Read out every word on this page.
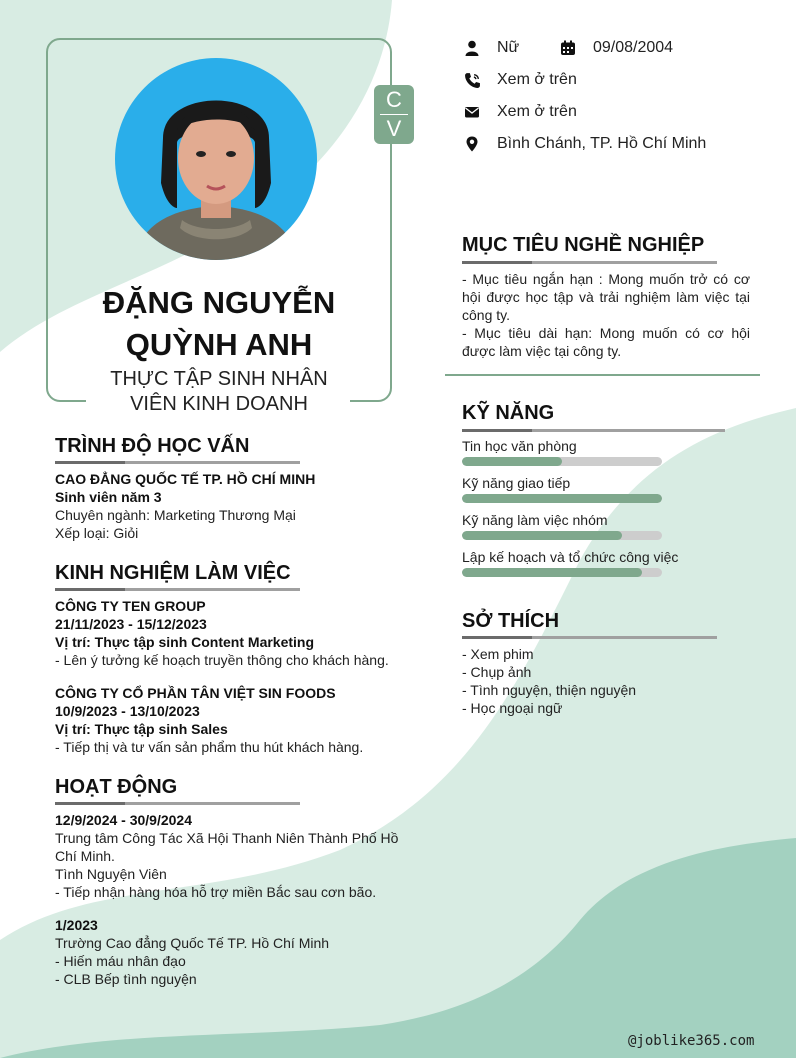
C
V
ĐẶNG NGUYỄN
QUỲNH ANH
THỰC TẬP SINH NHÂN
VIÊN KINH DOANH
Nữ	09/08/2004
Xem ở trên
Xem ở trên
Bình Chánh, TP. Hồ Chí Minh
MỤC TIÊU NGHỀ NGHIỆP
- Mục tiêu ngắn hạn : Mong muốn trở có cơ hội được học tập và trải nghiệm làm việc tại công ty.
- Mục tiêu dài hạn: Mong muốn có cơ hội được làm việc tại công ty.
KỸ NĂNG
Tin học văn phòng
Kỹ năng giao tiếp
Kỹ năng làm việc nhóm
Lập kế hoạch và tổ chức công việc
SỞ THÍCH
- Xem phim
- Chụp ảnh
- Tình nguyện, thiện nguyện
- Học ngoại ngữ
TRÌNH ĐỘ HỌC VẤN
CAO ĐẲNG QUỐC TẾ TP. HỒ CHÍ MINH
Sinh viên năm 3
Chuyên ngành: Marketing Thương Mại
Xếp loại: Giỏi
KINH NGHIỆM LÀM VIỆC
CÔNG TY TEN GROUP
21/11/2023 - 15/12/2023
Vị trí: Thực tập sinh Content Marketing
- Lên ý tưởng kế hoạch truyền thông cho khách hàng.
CÔNG TY CỔ PHẦN TÂN VIỆT SIN FOODS
10/9/2023 - 13/10/2023
Vị trí: Thực tập sinh Sales
- Tiếp thị và tư vấn sản phẩm thu hút khách hàng.
HOẠT ĐỘNG
12/9/2024 - 30/9/2024
Trung tâm Công Tác Xã Hội Thanh Niên Thành Phố Hồ
Chí Minh.
Tình Nguyện Viên
- Tiếp nhận hàng hóa hỗ trợ miền Bắc sau cơn bão.
1/2023
Trường Cao đẳng Quốc Tế TP. Hồ Chí Minh
- Hiến máu nhân đạo
- CLB Bếp tình nguyện
@joblike365.com
